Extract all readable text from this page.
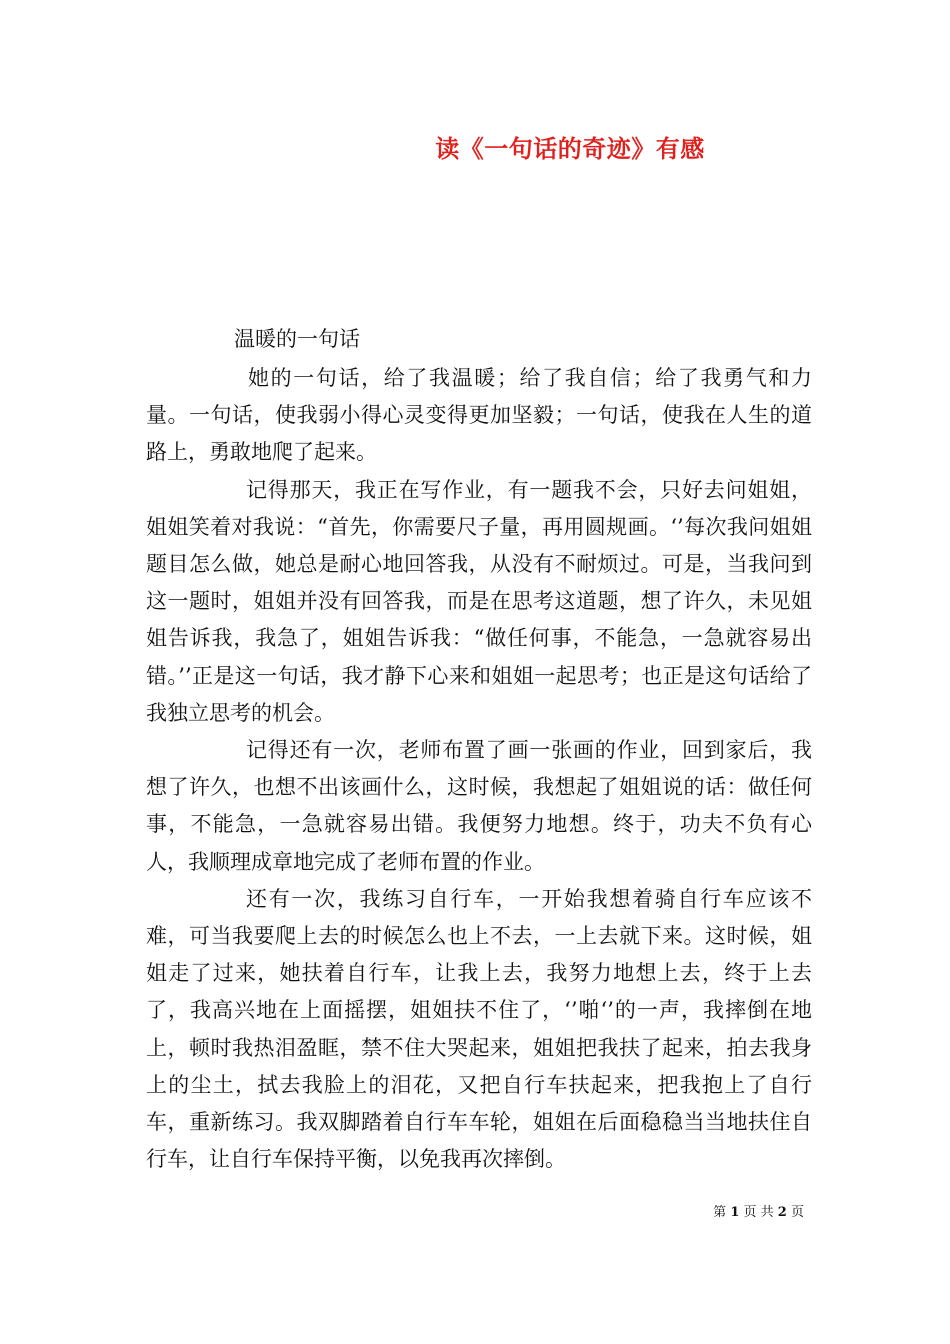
读《一句话的奇迹》有感

温暖的一句话

她的一句话，给了我温暖；给了我自信；给了我勇气和力量。一句话，使我弱小得心灵变得更加坚毅；一句话，使我在人生的道路上，勇敢地爬了起来。

记得那天，我正在写作业，有一题我不会，只好去问姐姐，姐姐笑着对我说：“首先，你需要尺子量，再用圆规画。‘’每次我问姐姐题目怎么做，她总是耐心地回答我，从没有不耐烦过。可是，当我问到这一题时，姐姐并没有回答我，而是在思考这道题，想了许久，未见姐姐告诉我，我急了，姐姐告诉我：“做任何事，不能急，一急就容易出错。’’正是这一句话，我才静下心来和姐姐一起思考；也正是这句话给了我独立思考的机会。

记得还有一次，老师布置了画一张画的作业，回到家后，我想了许久，也想不出该画什么，这时候，我想起了姐姐说的话：做任何事，不能急，一急就容易出错。我便努力地想。终于，功夫不负有心人，我顺理成章地完成了老师布置的作业。

还有一次，我练习自行车，一开始我想着骑自行车应该不难，可当我要爬上去的时候怎么也上不去，一上去就下来。这时候，姐姐走了过来，她扶着自行车，让我上去，我努力地想上去，终于上去了，我高兴地在上面摇摆，姐姐扶不住了，‘’啪‘’的一声，我摔倒在地上，顿时我热泪盈眶，禁不住大哭起来，姐姐把我扶了起来，拍去我身上的尘土，拭去我脸上的泪花，又把自行车扶起来，把我抱上了自行车，重新练习。我双脚踏着自行车车轮，姐姐在后面稳稳当当地扶住自行车，让自行车保持平衡，以免我再次摔倒。

第 1 页 共 2 页
